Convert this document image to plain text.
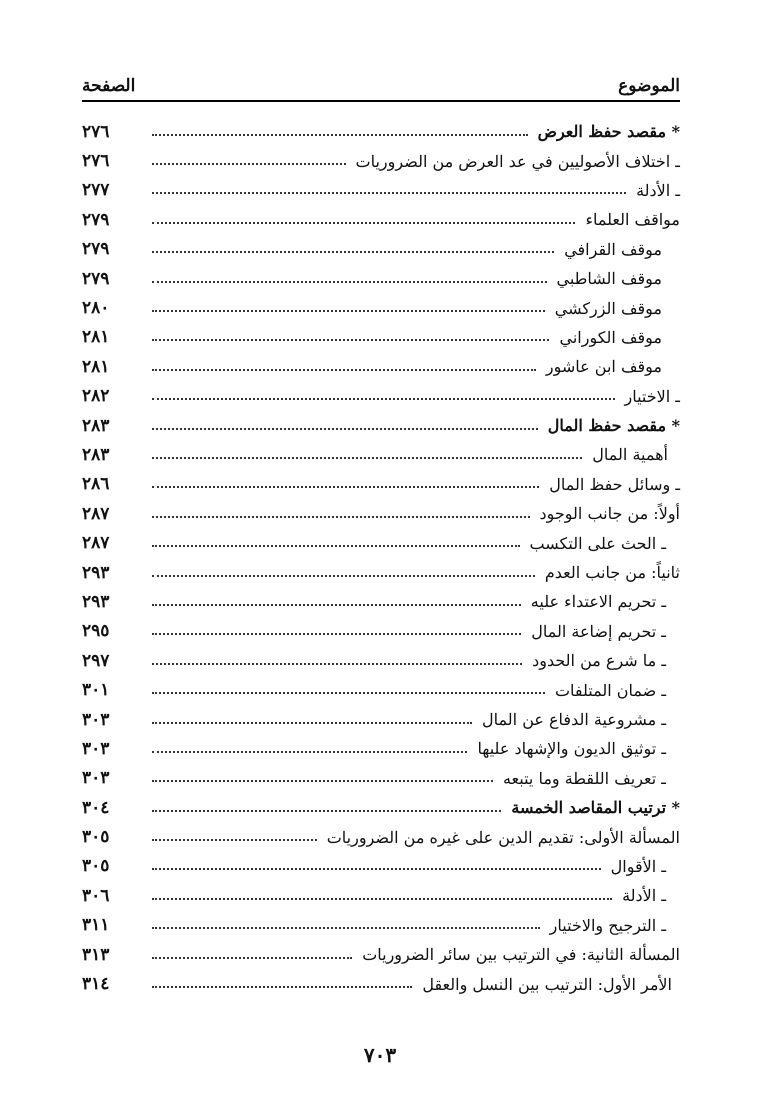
الموضوع
الصفحة
* مقصد حفظ العرض
٢٧٦
ـ اختلاف الأصوليين في عد العرض من الضروريات
٢٧٦
ـ الأدلة
٢٧٧
مواقف العلماء
٢٧٩
موقف القرافي
٢٧٩
موقف الشاطبي
٢٧٩
موقف الزركشي
٢٨٠
موقف الكوراني
٢٨١
موقف ابن عاشور
٢٨١
ـ الاختيار
٢٨٢
* مقصد حفظ المال
٢٨٣
أهمية المال
٢٨٣
ـ وسائل حفظ المال
٢٨٦
أولاً: من جانب الوجود
٢٨٧
ـ الحث على التكسب
٢٨٧
ثانياً: من جانب العدم
٢٩٣
ـ تحريم الاعتداء عليه
٢٩٣
ـ تحريم إضاعة المال
٢٩٥
ـ ما شرع من الحدود
٢٩٧
ـ ضمان المتلفات
٣٠١
ـ مشروعية الدفاع عن المال
٣٠٣
ـ توثيق الديون والإشهاد عليها
٣٠٣
ـ تعريف اللقطة وما يتبعه
٣٠٣
* ترتيب المقاصد الخمسة
٣٠٤
المسألة الأولى: تقديم الدين على غيره من الضروريات
٣٠٥
ـ الأقوال
٣٠٥
ـ الأدلة
٣٠٦
ـ الترجيح والاختيار
٣١١
المسألة الثانية: في الترتيب بين سائر الضروريات
٣١٣
الأمر الأول: الترتيب بين النسل والعقل
٣١٤
٧٠٣
